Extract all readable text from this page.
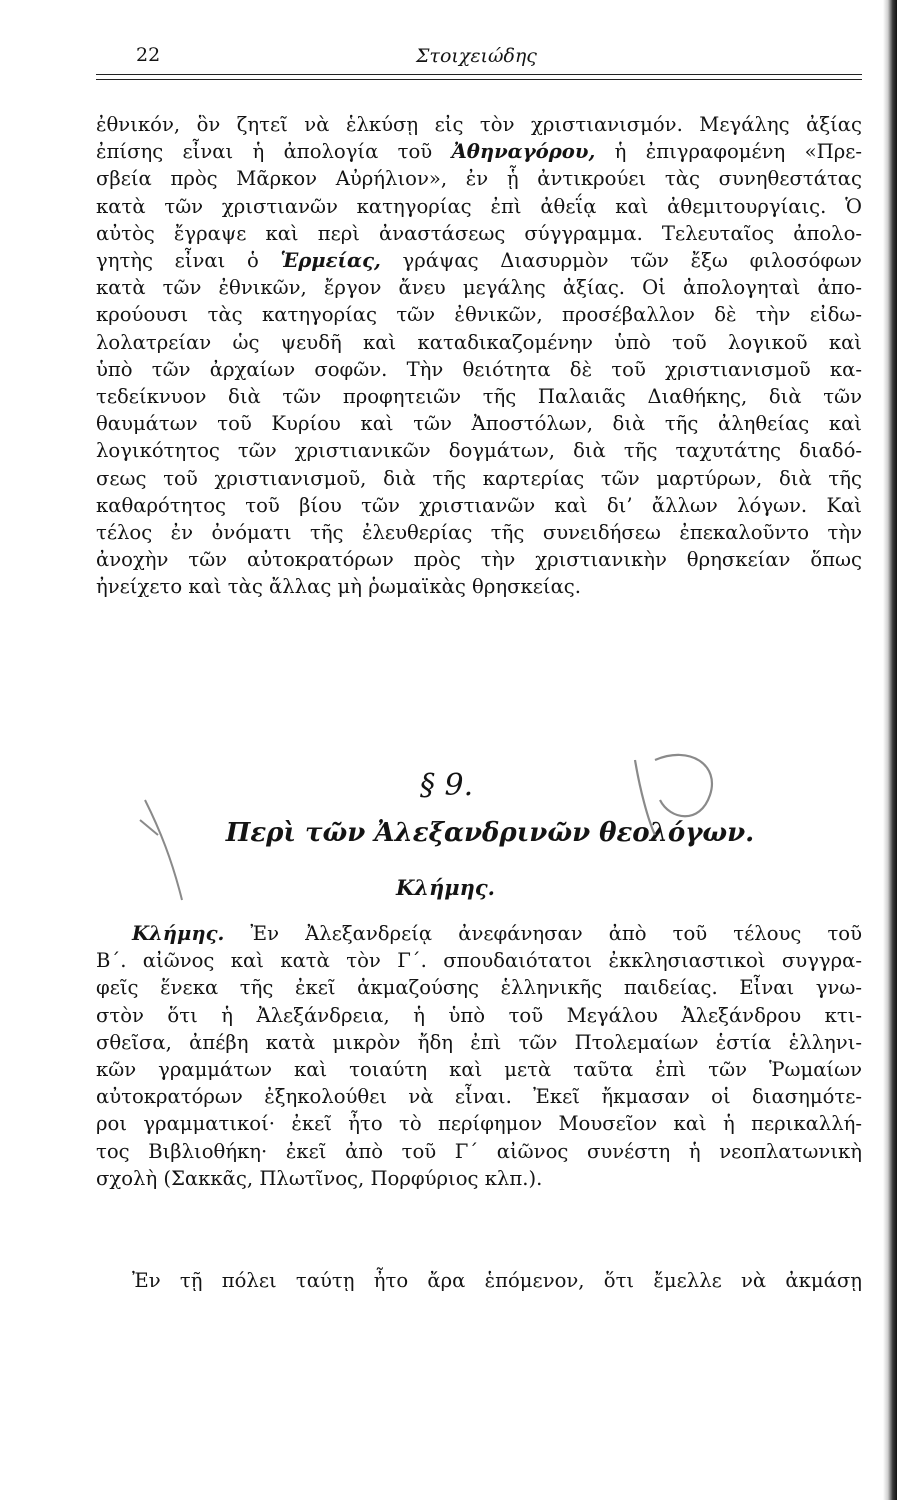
22	Στοιχειώδης

ἐθνικόν, ὃν ζητεῖ νὰ ἑλκύσῃ εἰς τὸν χριστιανισμόν. Μεγάλης ἀξίας

ἐπίσης εἶναι ἡ ἀπολογία τοῦ Ἀθηναγόρου, ἡ ἐπιγραφομένη «Πρε-

σβεία πρὸς Μᾶρκον Αὐρήλιον», ἐν ᾗ ἀντικρούει τὰς συνηθεστάτας

κατὰ τῶν χριστιανῶν κατηγορίας ἐπὶ ἀθεΐᾳ καὶ ἀθεμιτουργίαις. Ὁ

αὐτὸς ἔγραψε καὶ περὶ ἀναστάσεως σύγγραμμα. Τελευταῖος ἀπολο-

γητὴς εἶναι ὁ Ἑρμείας, γράψας Διασυρμὸν τῶν ἔξω φιλοσόφων

κατὰ τῶν ἐθνικῶν, ἔργον ἄνευ μεγάλης ἀξίας. Οἱ ἀπολογηταὶ ἀπο-

κρούουσι τὰς κατηγορίας τῶν ἐθνικῶν, προσέβαλλον δὲ τὴν εἰδω-

λολατρείαν ὡς ψευδῆ καὶ καταδικαζομένην ὑπὸ τοῦ λογικοῦ καὶ

ὑπὸ τῶν ἀρχαίων σοφῶν. Τὴν θειότητα δὲ τοῦ χριστιανισμοῦ κα-

τεδείκνυον διὰ τῶν προφητειῶν τῆς Παλαιᾶς Διαθήκης, διὰ τῶν

θαυμάτων τοῦ Κυρίου καὶ τῶν Ἀποστόλων, διὰ τῆς ἀληθείας καὶ

λογικότητος τῶν χριστιανικῶν δογμάτων, διὰ τῆς ταχυτάτης διαδό-

σεως τοῦ χριστιανισμοῦ, διὰ τῆς καρτερίας τῶν μαρτύρων, διὰ τῆς

καθαρότητος τοῦ βίου τῶν χριστιανῶν καὶ δι’ ἄλλων λόγων. Καὶ

τέλος ἐν ὀνόματι τῆς ἐλευθερίας τῆς συνειδήσεω ἐπεκαλοῦντο τὴν

ἀνοχὴν τῶν αὐτοκρατόρων πρὸς τὴν χριστιανικὴν θρησκείαν ὅπως

ἠνείχετο καὶ τὰς ἄλλας μὴ ῥωμαϊκὰς θρησκείας.

§ 9.
Περὶ τῶν Ἀλεξανδρινῶν θεολόγων.
Κλήμης.

Κλήμης. Ἐν Ἀλεξανδρείᾳ ἀνεφάνησαν ἀπὸ τοῦ τέλους τοῦ

Β΄. αἰῶνος καὶ κατὰ τὸν Γ΄. σπουδαιότατοι ἐκκλησιαστικοὶ συγγρα-

φεῖς ἕνεκα τῆς ἐκεῖ ἀκμαζούσης ἑλληνικῆς παιδείας. Εἶναι γνω-

στὸν ὅτι ἡ Ἀλεξάνδρεια, ἡ ὑπὸ τοῦ Μεγάλου Ἀλεξάνδρου κτι-

σθεῖσα, ἀπέβη κατὰ μικρὸν ἤδη ἐπὶ τῶν Πτολεμαίων ἑστία ἑλληνι-

κῶν γραμμάτων καὶ τοιαύτη καὶ μετὰ ταῦτα ἐπὶ τῶν Ῥωμαίων

αὐτοκρατόρων ἐξηκολούθει νὰ εἶναι. Ἐκεῖ ἤκμασαν οἱ διασημότε-

ροι γραμματικοί· ἐκεῖ ἦτο τὸ περίφημον Μουσεῖον καὶ ἡ περικαλλή-

τος Βιβλιοθήκη· ἐκεῖ ἀπὸ τοῦ Γ΄ αἰῶνος συνέστη ἡ νεοπλατωνικὴ

σχολὴ (Σακκᾶς, Πλωτῖνος, Πορφύριος κλπ.).

Ἐν τῇ πόλει ταύτῃ ἦτο ἄρα ἑπόμενον, ὅτι ἔμελλε νὰ ἀκμάσῃ
